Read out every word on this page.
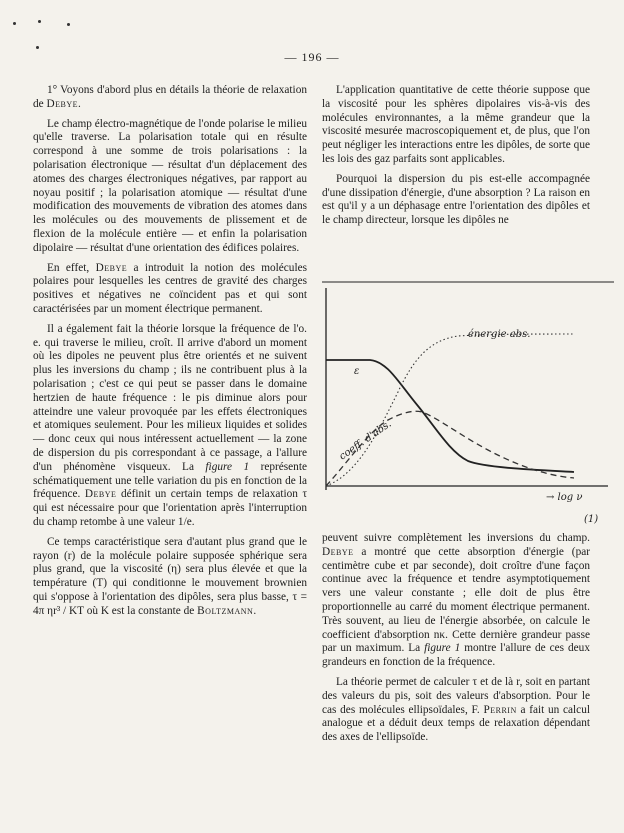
— 196 —

1° Voyons d'abord plus en détails la théorie de relaxation de Debye.

Le champ électro-magnétique de l'onde polarise le milieu qu'elle traverse. La polarisation totale qui en résulte correspond à une somme de trois polarisations : la polarisation électronique — résultat d'un déplacement des atomes des charges électroniques négatives, par rapport au noyau positif ; la polarisation atomique — résultat d'une modification des mouvements de vibration des atomes dans les molécules ou des mouvements de plissement et de flexion de la molécule entière — et enfin la polarisation dipolaire — résultat d'une orientation des édifices polaires.

En effet, Debye a introduit la notion des molécules polaires pour lesquelles les centres de gravité des charges positives et négatives ne coïncident pas et qui sont caractérisées par un moment électrique permanent.

Il a également fait la théorie lorsque la fréquence de l'o. e. qui traverse le milieu, croît. Il arrive d'abord un moment où les dipoles ne peuvent plus être orientés et ne suivent plus les inversions du champ ; ils ne contribuent plus à la polarisation ; c'est ce qui peut se passer dans le domaine hertzien de haute fréquence : le pis diminue alors pour atteindre une valeur provoquée par les effets électroniques et atomiques seulement. Pour les milieux liquides et solides — donc ceux qui nous intéressent actuellement — la zone de dispersion du pis correspondant à ce passage, a l'allure d'un phénomène visqueux. La figure 1 représente schématiquement une telle variation du pis en fonction de la fréquence. Debye définit un certain temps de relaxation τ qui est nécessaire pour que l'orientation après l'interruption du champ retombe à une valeur 1/e.

Ce temps caractéristique sera d'autant plus grand que le rayon (r) de la molécule polaire supposée sphérique sera plus grand, que la viscosité (η) sera plus élevée et que la température (T) qui conditionne le mouvement brownien qui s'oppose à l'orientation des dipôles, sera plus basse, τ = 4π ηr³ / KT où K est la constante de Boltzmann.

L'application quantitative de cette théorie suppose que la viscosité pour les sphères dipolaires vis-à-vis des molécules environnantes, a la même grandeur que la viscosité mesurée macroscopiquement et, de plus, que l'on peut négliger les interactions entre les dipôles, de sorte que les lois des gaz parfaits sont applicables.

Pourquoi la dispersion du pis est-elle accompagnée d'une dissipation d'énergie, d'une absorption ? La raison en est qu'il y a un déphasage entre l'orientation des dipôles et le champ directeur, lorsque les dipôles ne

énergie abs.
ε
coeff. d'abs.
→ log ν
(1)

peuvent suivre complètement les inversions du champ. Debye a montré que cette absorption d'énergie (par centimètre cube et par seconde), doit croître d'une façon continue avec la fréquence et tendre asymptotiquement vers une valeur constante ; elle doit de plus être proportionnelle au carré du moment électrique permanent. Très souvent, au lieu de l'énergie absorbée, on calcule le coefficient d'absorption nκ. Cette dernière grandeur passe par un maximum. La figure 1 montre l'allure de ces deux grandeurs en fonction de la fréquence.

La théorie permet de calculer τ et de là r, soit en partant des valeurs du pis, soit des valeurs d'absorption. Pour le cas des molécules ellipsoïdales, F. Perrin a fait un calcul analogue et a déduit deux temps de relaxation dépendant des axes de l'ellipsoïde.
